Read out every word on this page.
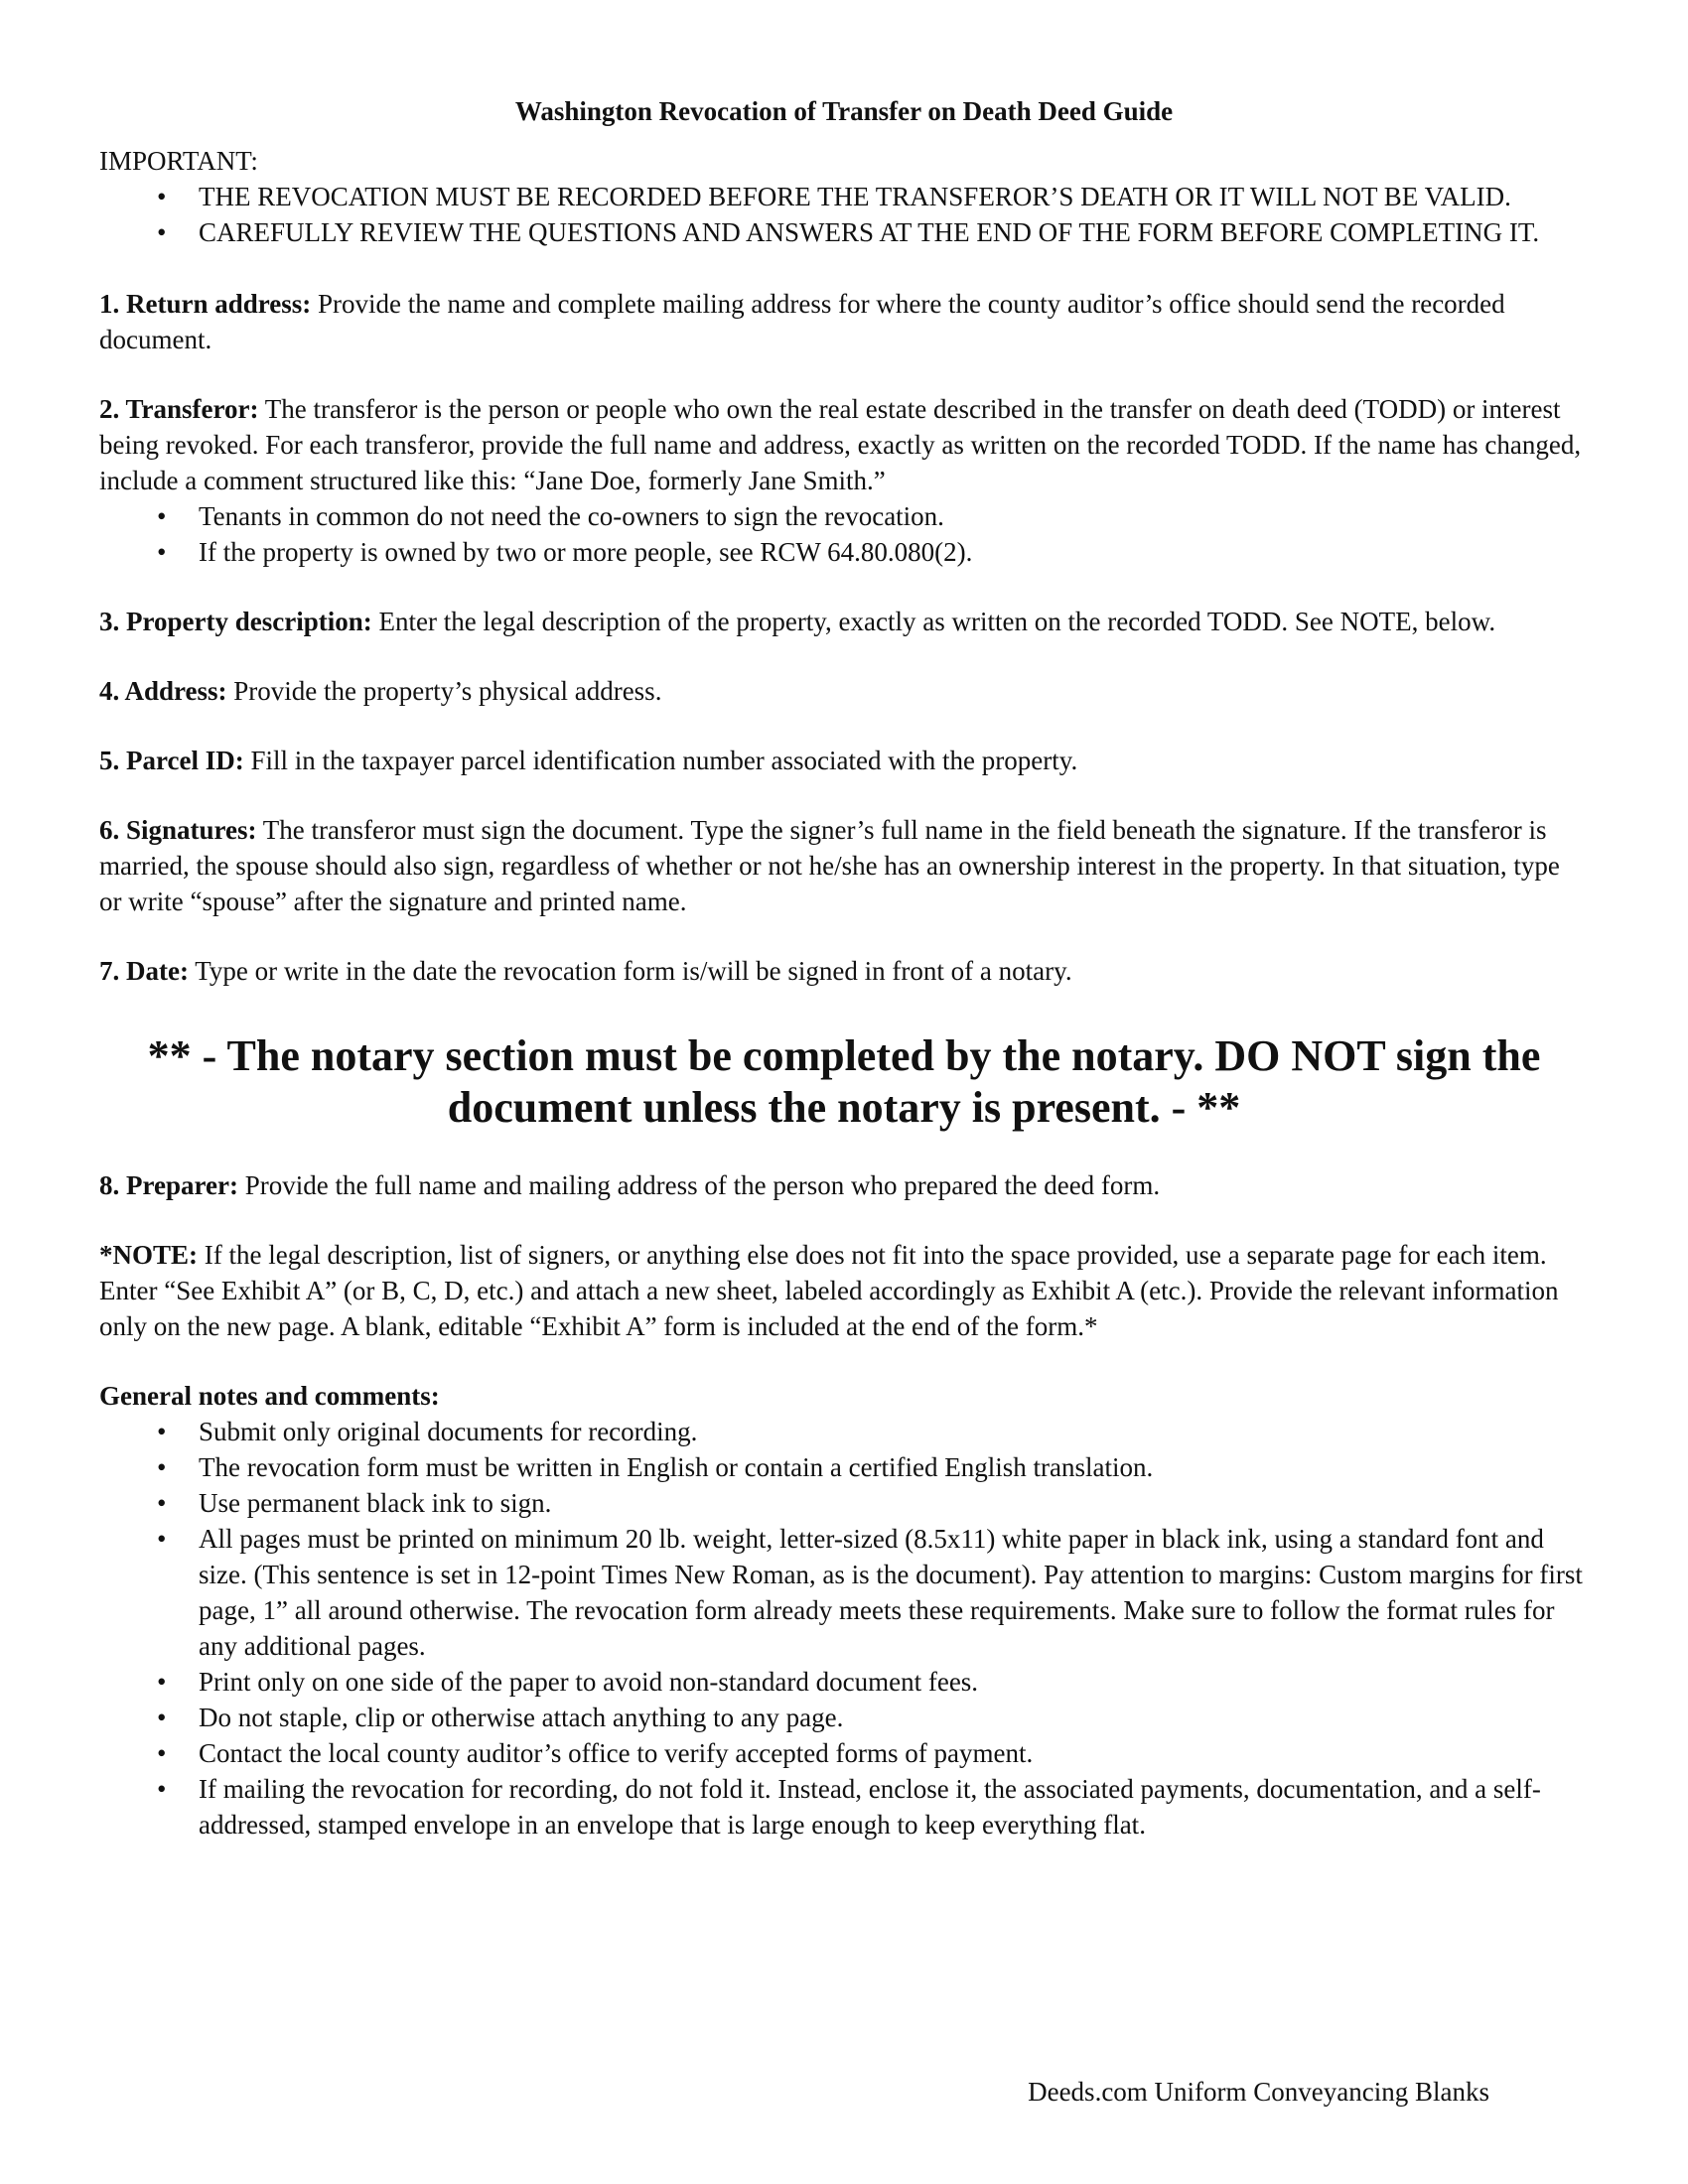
Washington Revocation of Transfer on Death Deed Guide
IMPORTANT:
• THE REVOCATION MUST BE RECORDED BEFORE THE TRANSFEROR’S DEATH OR IT WILL NOT BE VALID.
• CAREFULLY REVIEW THE QUESTIONS AND ANSWERS AT THE END OF THE FORM BEFORE COMPLETING IT.

1. Return address: Provide the name and complete mailing address for where the county auditor’s office should send the recorded document.

2. Transferor: The transferor is the person or people who own the real estate described in the transfer on death deed (TODD) or interest being revoked. For each transferor, provide the full name and address, exactly as written on the recorded TODD. If the name has changed, include a comment structured like this: “Jane Doe, formerly Jane Smith.”

• Tenants in common do not need the co-owners to sign the revocation.
• If the property is owned by two or more people, see RCW 64.80.080(2).

3. Property description: Enter the legal description of the property, exactly as written on the recorded TODD. See NOTE, below.

4. Address: Provide the property’s physical address.

5. Parcel ID: Fill in the taxpayer parcel identification number associated with the property.

6. Signatures: The transferor must sign the document. Type the signer’s full name in the field beneath the signature. If the transferor is married, the spouse should also sign, regardless of whether or not he/she has an ownership interest in the property. In that situation, type or write “spouse” after the signature and printed name.

7. Date: Type or write in the date the revocation form is/will be signed in front of a notary.

** - The notary section must be completed by the notary. DO NOT sign the document unless the notary is present. - **

8. Preparer: Provide the full name and mailing address of the person who prepared the deed form.

*NOTE: If the legal description, list of signers, or anything else does not fit into the space provided, use a separate page for each item. Enter “See Exhibit A” (or B, C, D, etc.) and attach a new sheet, labeled accordingly as Exhibit A (etc.). Provide the relevant information only on the new page. A blank, editable “Exhibit A” form is included at the end of the form.*

General notes and comments:

• Submit only original documents for recording.
• The revocation form must be written in English or contain a certified English translation.
• Use permanent black ink to sign.
• All pages must be printed on minimum 20 lb. weight, letter-sized (8.5x11) white paper in black ink, using a standard font and size. (This sentence is set in 12-point Times New Roman, as is the document). Pay attention to margins: Custom margins for first page, 1” all around otherwise. The revocation form already meets these requirements. Make sure to follow the format rules for any additional pages.
• Print only on one side of the paper to avoid non-standard document fees.
• Do not staple, clip or otherwise attach anything to any page.
• Contact the local county auditor’s office to verify accepted forms of payment.
• If mailing the revocation for recording, do not fold it. Instead, enclose it, the associated payments, documentation, and a self-addressed, stamped envelope in an envelope that is large enough to keep everything flat.
Deeds.com Uniform Conveyancing Blanks
